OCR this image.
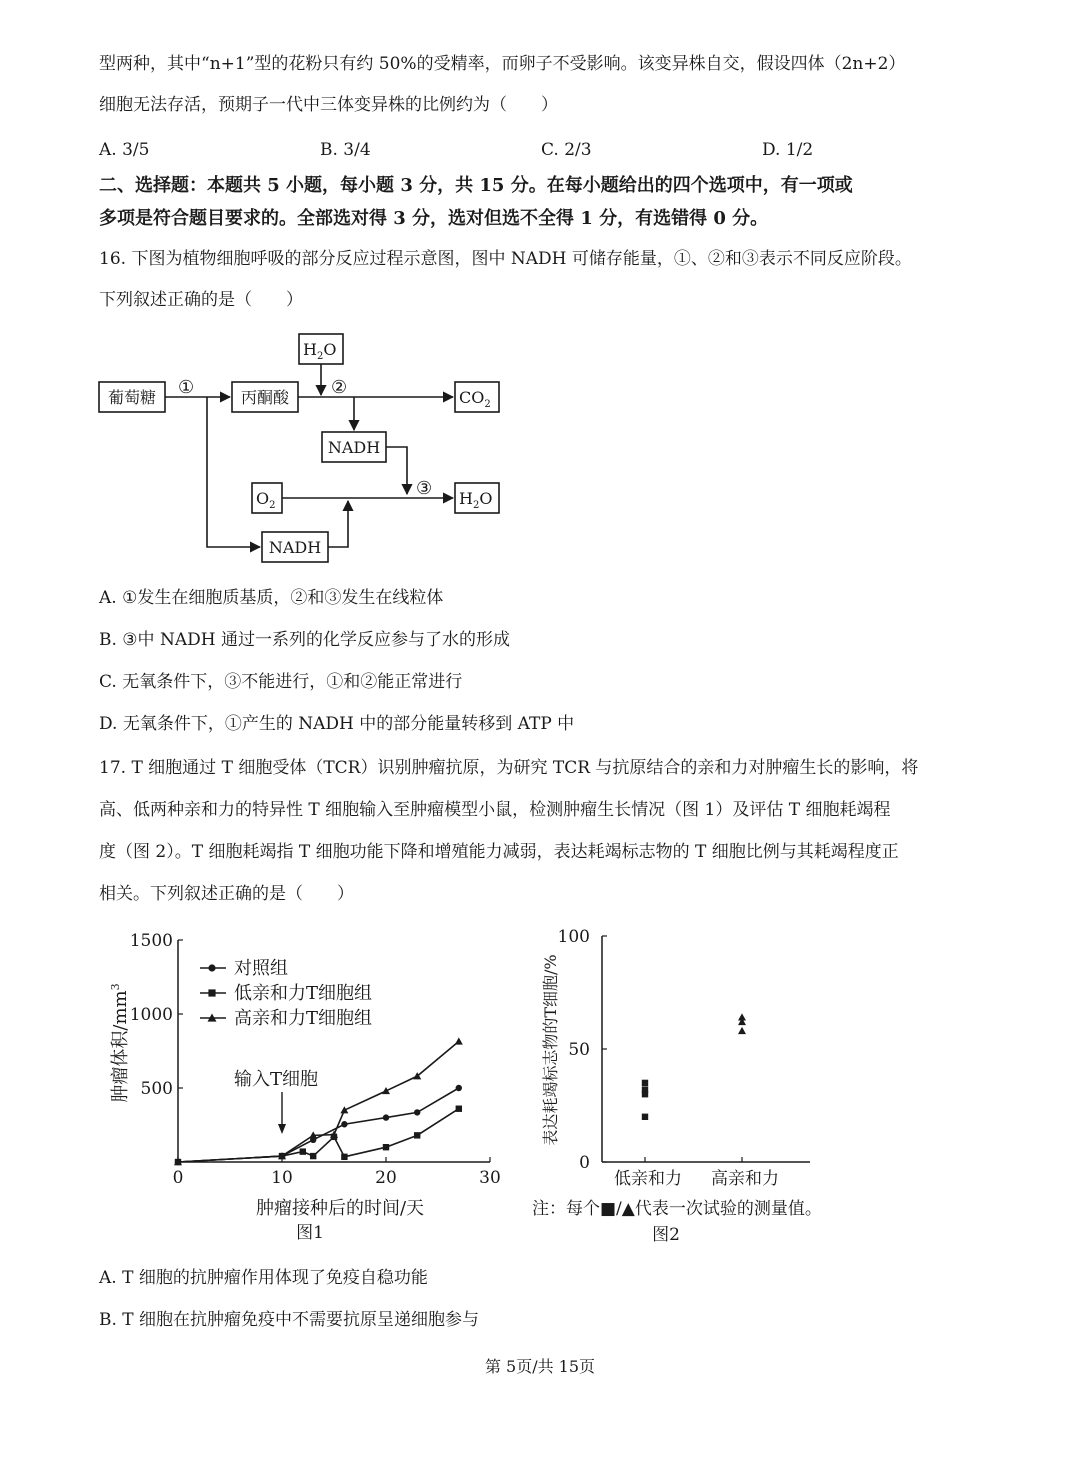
型两种，其中“n+1”型的花粉只有约 50%的受精率，而卵子不受影响。该变异株自交，假设四体（2n+2）
细胞无法存活，预期子一代中三体变异株的比例约为（　　）
A. 3/5	B. 3/4	C. 2/3	D. 1/2
二、选择题：本题共 5 小题，每小题 3 分，共 15 分。在每小题给出的四个选项中，有一项或
多项是符合题目要求的。全部选对得 3 分，选对但选不全得 1 分，有选错得 0 分。
16. 下图为植物细胞呼吸的部分反应过程示意图，图中 NADH 可储存能量，①、②和③表示不同反应阶段。
下列叙述正确的是（　　）
葡萄糖	丙酮酸
$H_2O$
$CO_2$
NADH
$O_2$	$H_2O$
NADH
①	②
③
A. ①发生在细胞质基质，②和③发生在线粒体
B. ③中 NADH 通过一系列的化学反应参与了水的形成
C. 无氧条件下，③不能进行，①和②能正常进行
D. 无氧条件下，①产生的 NADH 中的部分能量转移到 ATP 中
17. T 细胞通过 T 细胞受体（TCR）识别肿瘤抗原，为研究 TCR 与抗原结合的亲和力对肿瘤生长的影响，将
高、低两种亲和力的特异性 T 细胞输入至肿瘤模型小鼠，检测肿瘤生长情况（图 1）及评估 T 细胞耗竭程
度（图 2）。T 细胞耗竭指 T 细胞功能下降和增殖能力减弱，表达耗竭标志物的 T 细胞比例与其耗竭程度正
相关。下列叙述正确的是（　　）
肿瘤体积$/mm^3$
肿瘤接种后的时间/天
图1
输入T细胞
对照组
低亲和力T细胞组
高亲和力T细胞组
0	10	20	30
500
1000
1500
表达耗竭标志物的T细胞/%
注：每个■/▲代表一次试验的测量值。
图2
0
50
100
低亲和力 高亲和力
A. T 细胞的抗肿瘤作用体现了免疫自稳功能
B. T 细胞在抗肿瘤免疫中不需要抗原呈递细胞参与
第 5页/共 15页
